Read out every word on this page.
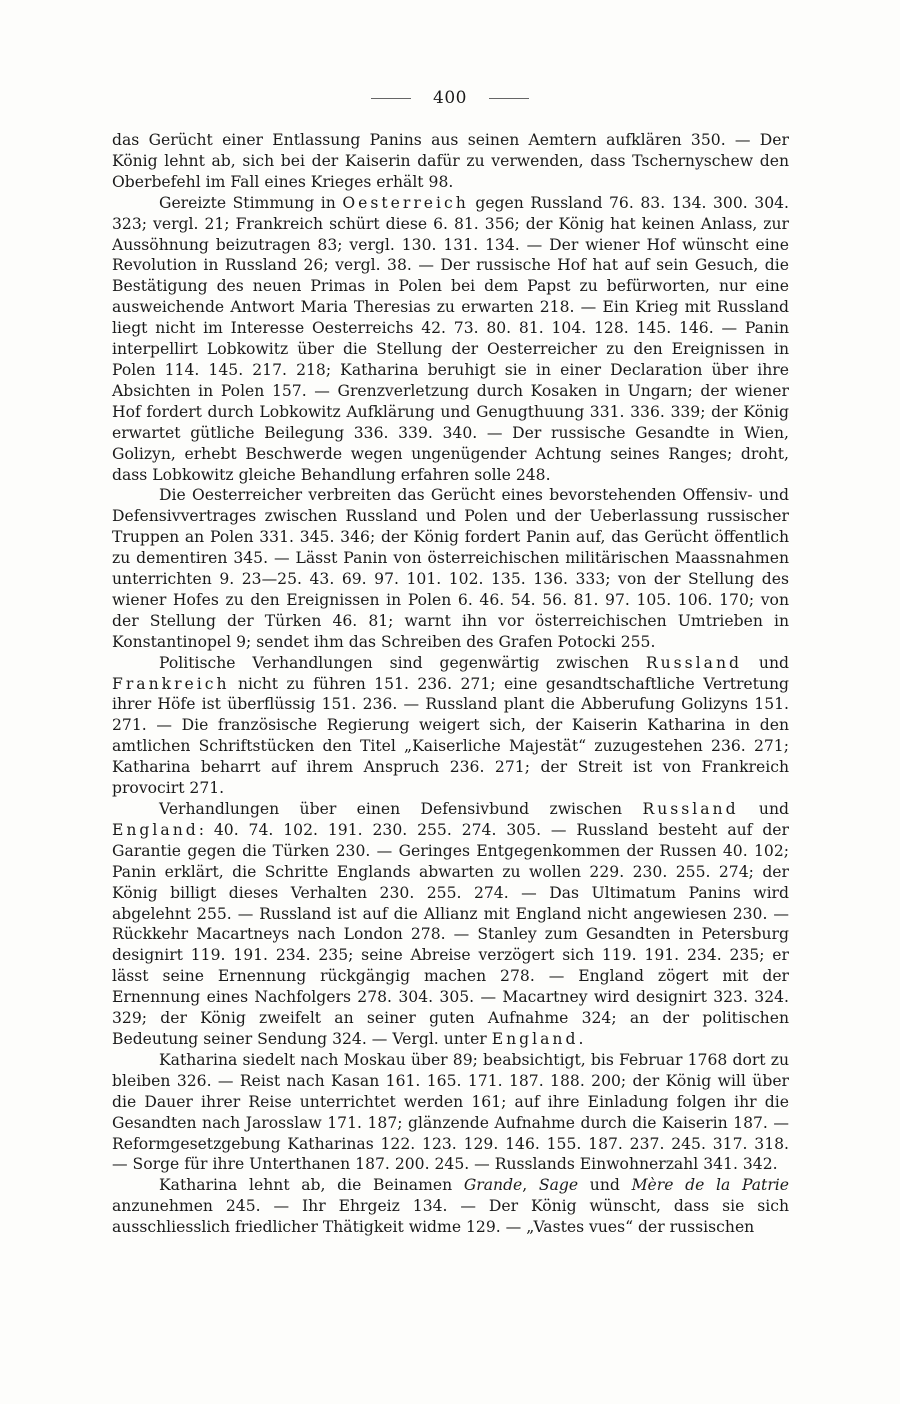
400

das Gerücht einer Entlassung Panins aus seinen Aemtern aufklären 350. — Der König lehnt ab, sich bei der Kaiserin dafür zu verwenden, dass Tschernyschew den Oberbefehl im Fall eines Krieges erhält 98.

Gereizte Stimmung in Oesterreich gegen Russland 76. 83. 134. 300. 304. 323; vergl. 21; Frankreich schürt diese 6. 81. 356; der König hat keinen Anlass, zur Aussöhnung beizutragen 83; vergl. 130. 131. 134. — Der wiener Hof wünscht eine Revolution in Russland 26; vergl. 38. — Der russische Hof hat auf sein Gesuch, die Bestätigung des neuen Primas in Polen bei dem Papst zu befürworten, nur eine ausweichende Antwort Maria Theresias zu erwarten 218. — Ein Krieg mit Russland liegt nicht im Interesse Oesterreichs 42. 73. 80. 81. 104. 128. 145. 146. — Panin interpellirt Lobkowitz über die Stellung der Oesterreicher zu den Ereignissen in Polen 114. 145. 217. 218; Katharina beruhigt sie in einer Declaration über ihre Absichten in Polen 157. — Grenzverletzung durch Kosaken in Ungarn; der wiener Hof fordert durch Lobkowitz Aufklärung und Genugthuung 331. 336. 339; der König erwartet gütliche Beilegung 336. 339. 340. — Der russische Gesandte in Wien, Golizyn, erhebt Beschwerde wegen ungenügender Achtung seines Ranges; droht, dass Lobkowitz gleiche Behandlung erfahren solle 248.

Die Oesterreicher verbreiten das Gerücht eines bevorstehenden Offensiv- und Defensivvertrages zwischen Russland und Polen und der Ueberlassung russischer Truppen an Polen 331. 345. 346; der König fordert Panin auf, das Gerücht öffentlich zu dementiren 345. — Lässt Panin von österreichischen militärischen Maassnahmen unterrichten 9. 23—25. 43. 69. 97. 101. 102. 135. 136. 333; von der Stellung des wiener Hofes zu den Ereignissen in Polen 6. 46. 54. 56. 81. 97. 105. 106. 170; von der Stellung der Türken 46. 81; warnt ihn vor österreichischen Umtrieben in Konstantinopel 9; sendet ihm das Schreiben des Grafen Potocki 255.

Politische Verhandlungen sind gegenwärtig zwischen Russland und Frankreich nicht zu führen 151. 236. 271; eine gesandtschaftliche Vertretung ihrer Höfe ist überflüssig 151. 236. — Russland plant die Abberufung Golizyns 151. 271. — Die französische Regierung weigert sich, der Kaiserin Katharina in den amtlichen Schriftstücken den Titel „Kaiserliche Majestät“ zuzugestehen 236. 271; Katharina beharrt auf ihrem Anspruch 236. 271; der Streit ist von Frankreich provocirt 271.

Verhandlungen über einen Defensivbund zwischen Russland und England: 40. 74. 102. 191. 230. 255. 274. 305. — Russland besteht auf der Garantie gegen die Türken 230. — Geringes Entgegenkommen der Russen 40. 102; Panin erklärt, die Schritte Englands abwarten zu wollen 229. 230. 255. 274; der König billigt dieses Verhalten 230. 255. 274. — Das Ultimatum Panins wird abgelehnt 255. — Russland ist auf die Allianz mit England nicht angewiesen 230. — Rückkehr Macartneys nach London 278. — Stanley zum Gesandten in Petersburg designirt 119. 191. 234. 235; seine Abreise verzögert sich 119. 191. 234. 235; er lässt seine Ernennung rückgängig machen 278. — England zögert mit der Ernennung eines Nachfolgers 278. 304. 305. — Macartney wird designirt 323. 324. 329; der König zweifelt an seiner guten Aufnahme 324; an der politischen Bedeutung seiner Sendung 324. — Vergl. unter England.

Katharina siedelt nach Moskau über 89; beabsichtigt, bis Februar 1768 dort zu bleiben 326. — Reist nach Kasan 161. 165. 171. 187. 188. 200; der König will über die Dauer ihrer Reise unterrichtet werden 161; auf ihre Einladung folgen ihr die Gesandten nach Jarosslaw 171. 187; glänzende Aufnahme durch die Kaiserin 187. — Reformgesetzgebung Katharinas 122. 123. 129. 146. 155. 187. 237. 245. 317. 318. — Sorge für ihre Unterthanen 187. 200. 245. — Russlands Einwohnerzahl 341. 342.

Katharina lehnt ab, die Beinamen Grande, Sage und Mère de la Patrie anzunehmen 245. — Ihr Ehrgeiz 134. — Der König wünscht, dass sie sich ausschliesslich friedlicher Thätigkeit widme 129. — „Vastes vues“ der russischen
